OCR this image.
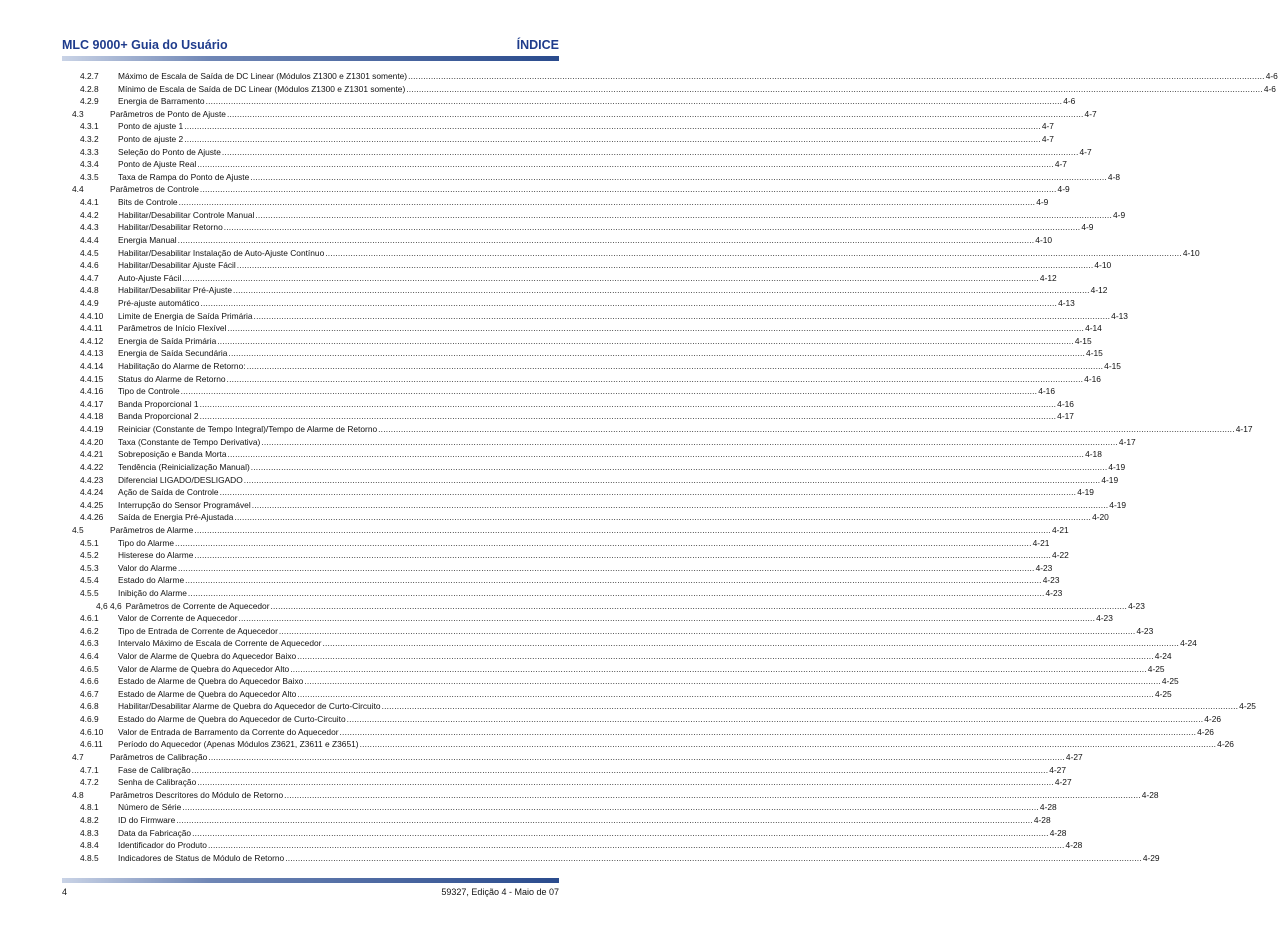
MLC 9000+ Guia do Usuário	ÍNDICE
4.2.7	Máximo de Escala de Saída de DC Linear (Módulos Z1300 e Z1301 somente) .....	4-6
4.2.8	Mínimo de Escala de Saída de DC Linear (Módulos Z1300 e Z1301 somente) .....	4-6
4.2.9	Energia de Barramento .....	4-6
4.3	Parâmetros de Ponto de Ajuste .....	4-7
4.3.1	Ponto de ajuste 1 .....	4-7
4.3.2	Ponto de ajuste 2 .....	4-7
4.3.3	Seleção do Ponto de Ajuste .....	4-7
4.3.4	Ponto de Ajuste Real .....	4-7
4.3.5	Taxa de Rampa do Ponto de Ajuste .....	4-8
4.4	Parâmetros de Controle .....	4-9
4.4.1	Bits de Controle .....	4-9
4.4.2	Habilitar/Desabilitar Controle Manual .....	4-9
4.4.3	Habilitar/Desabilitar Retorno .....	4-9
4.4.4	Energia Manual .....	4-10
4.4.5	Habilitar/Desabilitar Instalação de Auto-Ajuste Contínuo .....	4-10
4.4.6	Habilitar/Desabilitar Ajuste Fácil .....	4-10
4.4.7	Auto-Ajuste Fácil .....	4-12
4.4.8	Habilitar/Desabilitar Pré-Ajuste .....	4-12
4.4.9	Pré-ajuste automático .....	4-13
4.4.10	Limite de Energia de Saída Primária .....	4-13
4.4.11	Parâmetros de Início Flexível .....	4-14
4.4.12	Energia de Saída Primária .....	4-15
4.4.13	Energia de Saída Secundária .....	4-15
4.4.14	Habilitação do Alarme de Retorno: .....	4-15
4.4.15	Status do Alarme de Retorno .....	4-16
4.4.16	Tipo de Controle .....	4-16
4.4.17	Banda Proporcional 1 .....	4-16
4.4.18	Banda Proporcional 2 .....	4-17
4.4.19	Reiniciar (Constante de Tempo Integral)/Tempo de Alarme de Retorno .....	4-17
4.4.20	Taxa (Constante de Tempo Derivativa) .....	4-17
4.4.21	Sobreposição e Banda Morta .....	4-18
4.4.22	Tendência (Reinicialização Manual) .....	4-19
4.4.23	Diferencial LIGADO/DESLIGADO .....	4-19
4.4.24	Ação de Saída de Controle .....	4-19
4.4.25	Interrupção do Sensor Programável .....	4-19
4.4.26	Saída de Energia Pré-Ajustada .....	4-20
4.5	Parâmetros de Alarme .....	4-21
4.5.1	Tipo do Alarme .....	4-21
4.5.2	Histerese do Alarme .....	4-22
4.5.3	Valor do Alarme .....	4-23
4.5.4	Estado do Alarme .....	4-23
4.5.5	Inibição do Alarme .....	4-23
4,6 4,6 Parâmetros de Corrente de Aquecedor .....	4-23
4.6.1	Valor de Corrente de Aquecedor .....	4-23
4.6.2	Tipo de Entrada de Corrente de Aquecedor .....	4-23
4.6.3	Intervalo Máximo de Escala de Corrente de Aquecedor .....	4-24
4.6.4	Valor de Alarme de Quebra do Aquecedor Baixo .....	4-24
4.6.5	Valor de Alarme de Quebra do Aquecedor Alto .....	4-25
4.6.6	Estado de Alarme de Quebra do Aquecedor Baixo .....	4-25
4.6.7	Estado de Alarme de Quebra do Aquecedor Alto .....	4-25
4.6.8	Habilitar/Desabilitar Alarme de Quebra do Aquecedor de Curto-Circuito .....	4-25
4.6.9	Estado do Alarme de Quebra do Aquecedor de Curto-Circuito .....	4-26
4.6.10	Valor de Entrada de Barramento da Corrente do Aquecedor .....	4-26
4.6.11	Período do Aquecedor (Apenas Módulos Z3621, Z3611 e Z3651) .....	4-26
4.7	Parâmetros de Calibração .....	4-27
4.7.1	Fase de Calibração .....	4-27
4.7.2	Senha de Calibração .....	4-27
4.8	Parâmetros Descritores do Módulo de Retorno .....	4-28
4.8.1	Número de Série .....	4-28
4.8.2	ID do Firmware .....	4-28
4.8.3	Data da Fabricação .....	4-28
4.8.4	Identificador do Produto .....	4-28
4.8.5	Indicadores de Status de Módulo de Retorno .....	4-29
4	59327, Edição 4 - Maio de 07
